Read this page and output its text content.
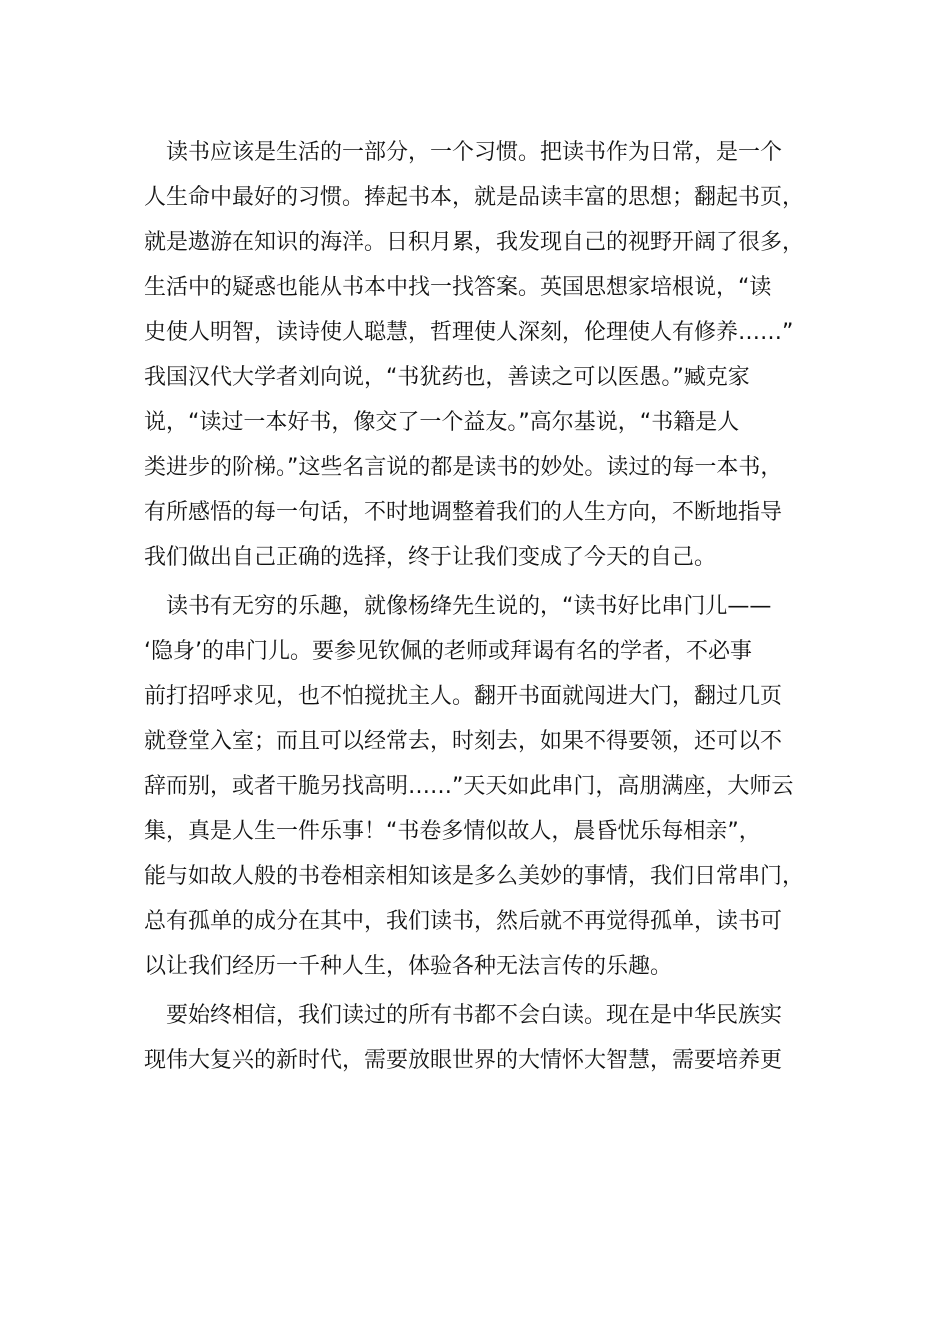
　读书应该是生活的一部分，一个习惯。把读书作为日常，是一个
人生命中最好的习惯。捧起书本，就是品读丰富的思想；翻起书页，
就是遨游在知识的海洋。日积月累，我发现自己的视野开阔了很多，
生活中的疑惑也能从书本中找一找答案。英国思想家培根说，“读
史使人明智，读诗使人聪慧，哲理使人深刻，伦理使人有修养……”
我国汉代大学者刘向说，“书犹药也，善读之可以医愚。”臧克家
说，“读过一本好书，像交了一个益友。”高尔基说，“书籍是人
类进步的阶梯。”这些名言说的都是读书的妙处。读过的每一本书，
有所感悟的每一句话，不时地调整着我们的人生方向，不断地指导
我们做出自己正确的选择，终于让我们变成了今天的自己。
　读书有无穷的乐趣，就像杨绛先生说的，“读书好比串门儿——
‘隐身’的串门儿。要参见钦佩的老师或拜谒有名的学者，不必事
前打招呼求见，也不怕搅扰主人。翻开书面就闯进大门，翻过几页
就登堂入室；而且可以经常去，时刻去，如果不得要领，还可以不
辞而别，或者干脆另找高明……”天天如此串门，高朋满座，大师云
集，真是人生一件乐事！“书卷多情似故人，晨昏忧乐每相亲”，
能与如故人般的书卷相亲相知该是多么美妙的事情，我们日常串门，
总有孤单的成分在其中，我们读书，然后就不再觉得孤单，读书可
以让我们经历一千种人生，体验各种无法言传的乐趣。
　要始终相信，我们读过的所有书都不会白读。现在是中华民族实
现伟大复兴的新时代，需要放眼世界的大情怀大智慧，需要培养更
